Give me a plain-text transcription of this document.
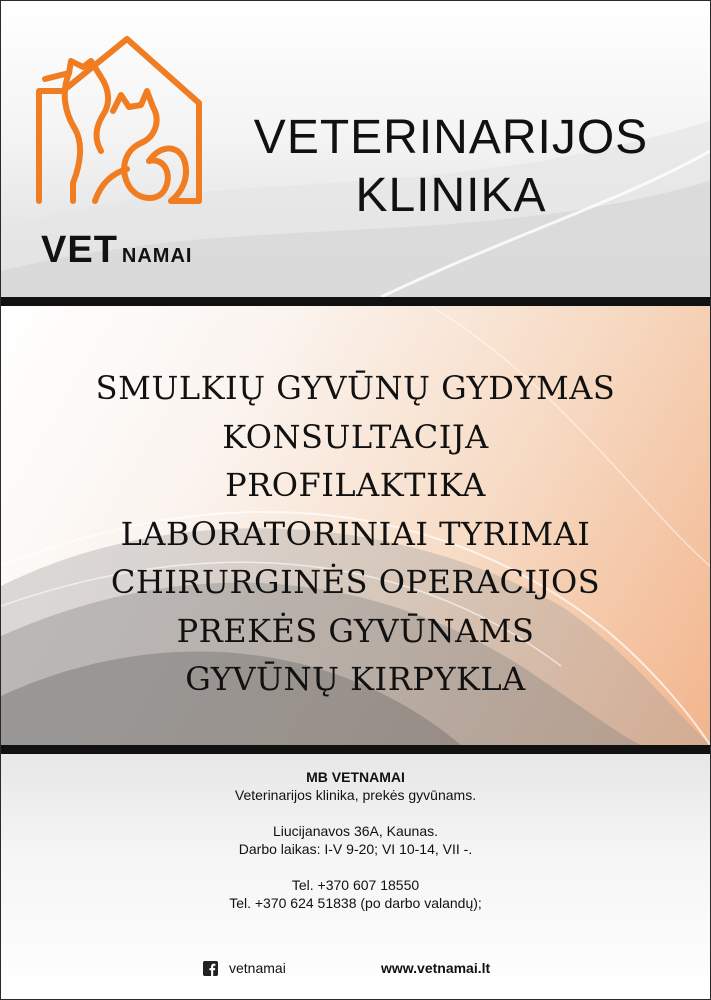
VET NAMAI
VETERINARIJOS
KLINIKA
SMULKIŲ GYVŪNŲ GYDYMAS
KONSULTACIJA
PROFILAKTIKA
LABORATORINIAI TYRIMAI
CHIRURGINĖS OPERACIJOS
PREKĖS GYVŪNAMS
GYVŪNŲ KIRPYKLA
MB VETNAMAI
Veterinarijos klinika, prekės gyvūnams.
Liucijanavos 36A, Kaunas.
Darbo laikas: I-V 9-20; VI 10-14, VII -.
Tel. +370 607 18550
Tel. +370 624 51838 (po darbo valandų);
vetnamai	www.vetnamai.lt
